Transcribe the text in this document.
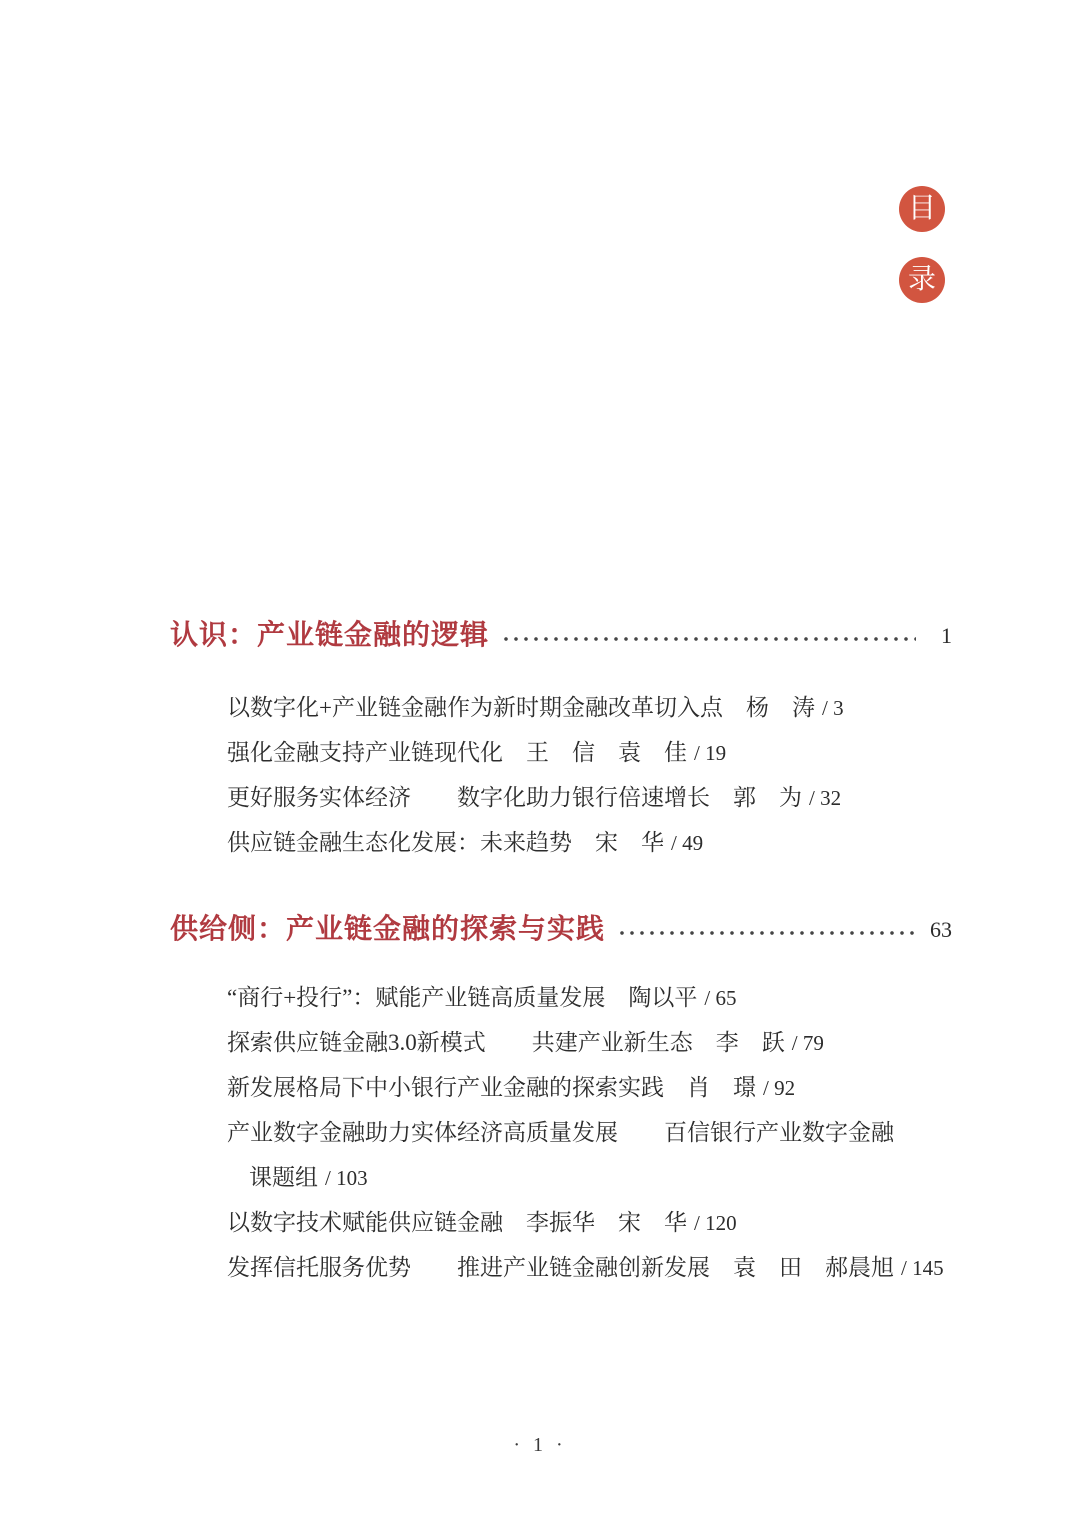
目
录
认识：产业链金融的逻辑	1
以数字化+产业链金融作为新时期金融改革切入点　杨　涛 / 3
强化金融支持产业链现代化　王　信　袁　佳 / 19
更好服务实体经济　　数字化助力银行倍速增长　郭　为 / 32
供应链金融生态化发展：未来趋势　宋　华 / 49
供给侧：产业链金融的探索与实践	63
“商行+投行”：赋能产业链高质量发展　陶以平 / 65
探索供应链金融3.0新模式　　共建产业新生态　李　跃 / 79
新发展格局下中小银行产业金融的探索实践　肖　璟 / 92
产业数字金融助力实体经济高质量发展　　百信银行产业数字金融
课题组 / 103
以数字技术赋能供应链金融　李振华　宋　华 / 120
发挥信托服务优势　　推进产业链金融创新发展　袁　田　郝晨旭 / 145
· 1 ·
